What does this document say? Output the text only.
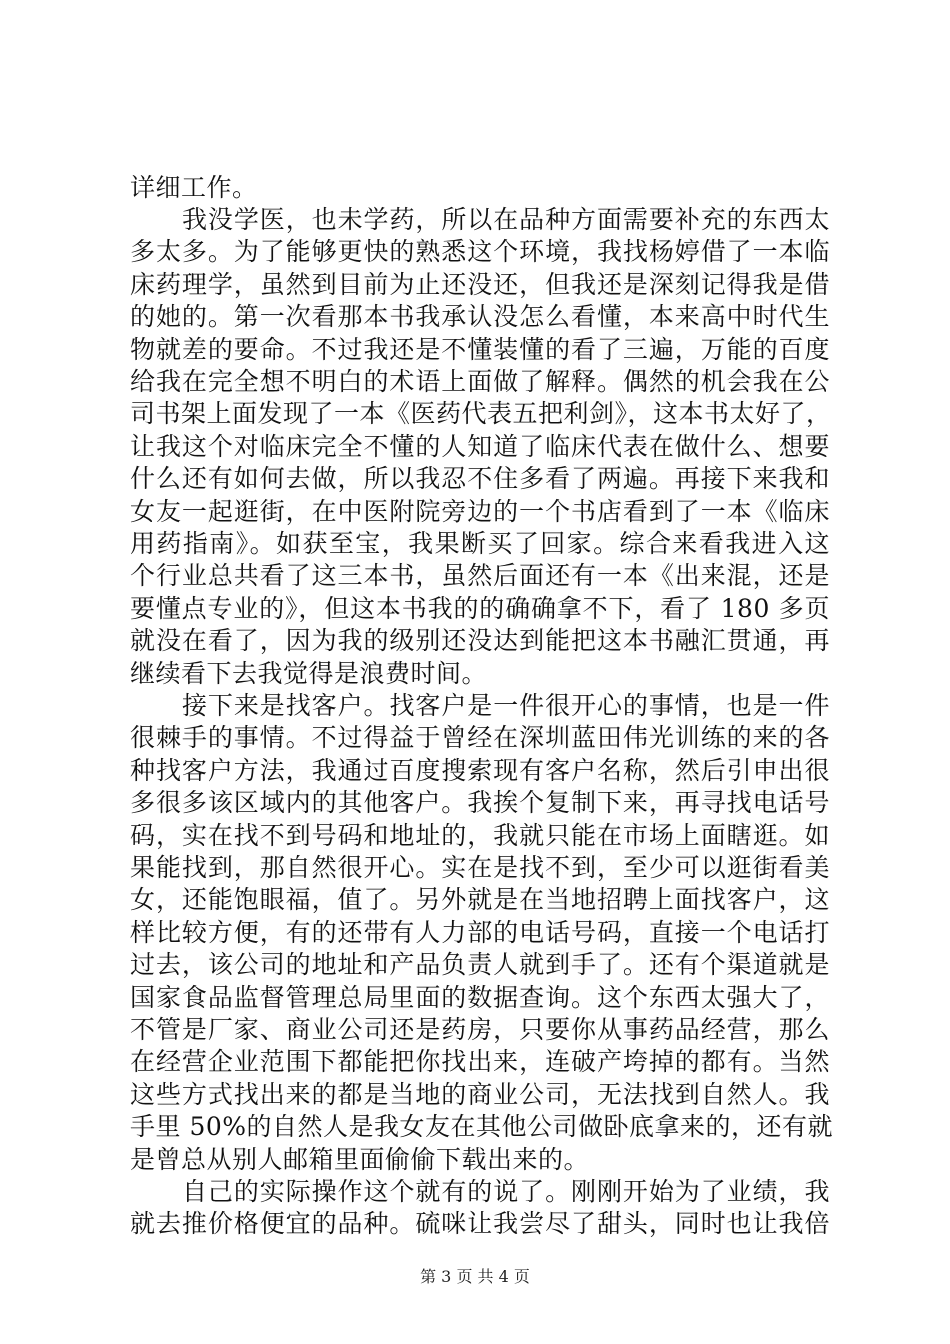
详细工作。
我没学医，也未学药，所以在品种方面需要补充的东西太
多太多。为了能够更快的熟悉这个环境，我找杨婷借了一本临
床药理学，虽然到目前为止还没还，但我还是深刻记得我是借
的她的。第一次看那本书我承认没怎么看懂，本来高中时代生
物就差的要命。不过我还是不懂装懂的看了三遍，万能的百度
给我在完全想不明白的术语上面做了解释。偶然的机会我在公
司书架上面发现了一本《医药代表五把利剑》，这本书太好了，
让我这个对临床完全不懂的人知道了临床代表在做什么、想要
什么还有如何去做，所以我忍不住多看了两遍。再接下来我和
女友一起逛街，在中医附院旁边的一个书店看到了一本《临床
用药指南》。如获至宝，我果断买了回家。综合来看我进入这
个行业总共看了这三本书，虽然后面还有一本《出来混，还是
要懂点专业的》，但这本书我的的确确拿不下，看了 180 多页
就没在看了，因为我的级别还没达到能把这本书融汇贯通，再
继续看下去我觉得是浪费时间。
接下来是找客户。找客户是一件很开心的事情，也是一件
很棘手的事情。不过得益于曾经在深圳蓝田伟光训练的来的各
种找客户方法，我通过百度搜索现有客户名称，然后引申出很
多很多该区域内的其他客户。我挨个复制下来，再寻找电话号
码，实在找不到号码和地址的，我就只能在市场上面瞎逛。如
果能找到，那自然很开心。实在是找不到，至少可以逛街看美
女，还能饱眼福，值了。另外就是在当地招聘上面找客户，这
样比较方便，有的还带有人力部的电话号码，直接一个电话打
过去，该公司的地址和产品负责人就到手了。还有个渠道就是
国家食品监督管理总局里面的数据查询。这个东西太强大了，
不管是厂家、商业公司还是药房，只要你从事药品经营，那么
在经营企业范围下都能把你找出来，连破产垮掉的都有。当然
这些方式找出来的都是当地的商业公司，无法找到自然人。我
手里 50%的自然人是我女友在其他公司做卧底拿来的，还有就
是曾总从别人邮箱里面偷偷下载出来的。
自己的实际操作这个就有的说了。刚刚开始为了业绩，我
就去推价格便宜的品种。硫咪让我尝尽了甜头，同时也让我倍
第 3 页 共 4 页
